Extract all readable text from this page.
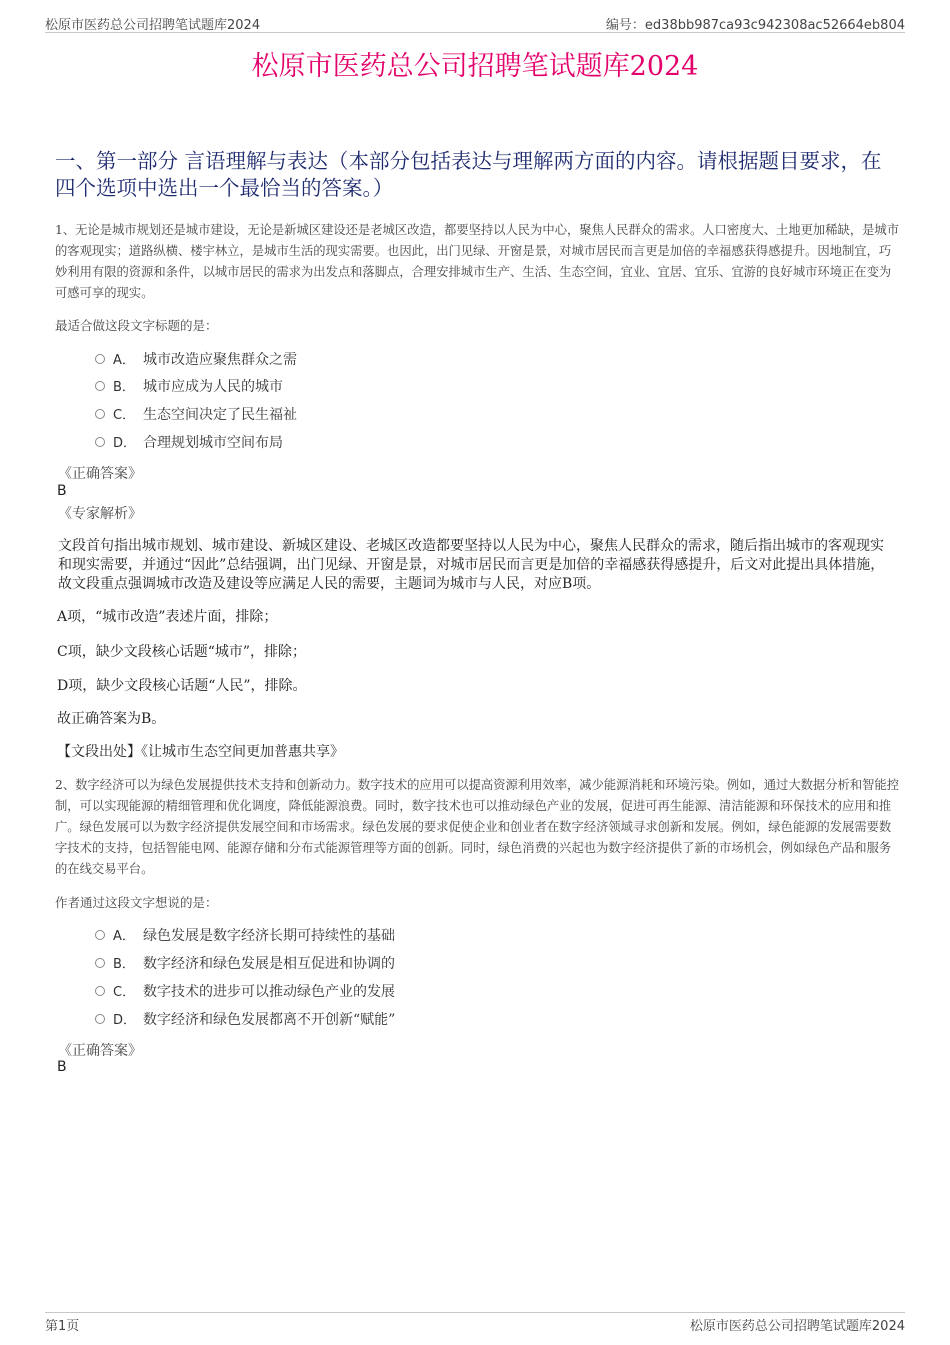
松原市医药总公司招聘笔试题库2024	编号：ed38bb987ca93c942308ac52664eb804
松原市医药总公司招聘笔试题库2024
一、第一部分 言语理解与表达（本部分包括表达与理解两方面的内容。请根据题目要求，在四个选项中选出一个最恰当的答案。）
1、无论是城市规划还是城市建设，无论是新城区建设还是老城区改造，都要坚持以人民为中心，聚焦人民群众的需求。人口密度大、土地更加稀缺，是城市的客观现实；道路纵横、楼宇林立，是城市生活的现实需要。也因此，出门见绿、开窗是景，对城市居民而言更是加倍的幸福感获得感提升。因地制宜，巧妙利用有限的资源和条件，以城市居民的需求为出发点和落脚点，合理安排城市生产、生活、生态空间，宜业、宜居、宜乐、宜游的良好城市环境正在变为可感可享的现实。
最适合做这段文字标题的是：
A． 城市改造应聚焦群众之需
B． 城市应成为人民的城市
C． 生态空间决定了民生福祉
D． 合理规划城市空间布局
《正确答案》
B
《专家解析》
文段首句指出城市规划、城市建设、新城区建设、老城区改造都要坚持以人民为中心，聚焦人民群众的需求，随后指出城市的客观现实和现实需要，并通过“因此”总结强调，出门见绿、开窗是景，对城市居民而言更是加倍的幸福感获得感提升，后文对此提出具体措施，故文段重点强调城市改造及建设等应满足人民的需要，主题词为城市与人民，对应B项。
A项，“城市改造”表述片面，排除；
C项，缺少文段核心话题“城市”，排除；
D项，缺少文段核心话题“人民”，排除。
故正确答案为B。
【文段出处】《让城市生态空间更加普惠共享》
2、数字经济可以为绿色发展提供技术支持和创新动力。数字技术的应用可以提高资源利用效率，减少能源消耗和环境污染。例如，通过大数据分析和智能控制，可以实现能源的精细管理和优化调度，降低能源浪费。同时，数字技术也可以推动绿色产业的发展，促进可再生能源、清洁能源和环保技术的应用和推广。绿色发展可以为数字经济提供发展空间和市场需求。绿色发展的要求促使企业和创业者在数字经济领域寻求创新和发展。例如，绿色能源的发展需要数字技术的支持，包括智能电网、能源存储和分布式能源管理等方面的创新。同时，绿色消费的兴起也为数字经济提供了新的市场机会，例如绿色产品和服务的在线交易平台。
作者通过这段文字想说的是：
A． 绿色发展是数字经济长期可持续性的基础
B． 数字经济和绿色发展是相互促进和协调的
C． 数字技术的进步可以推动绿色产业的发展
D． 数字经济和绿色发展都离不开创新“赋能”
《正确答案》
B
第1页	松原市医药总公司招聘笔试题库2024
